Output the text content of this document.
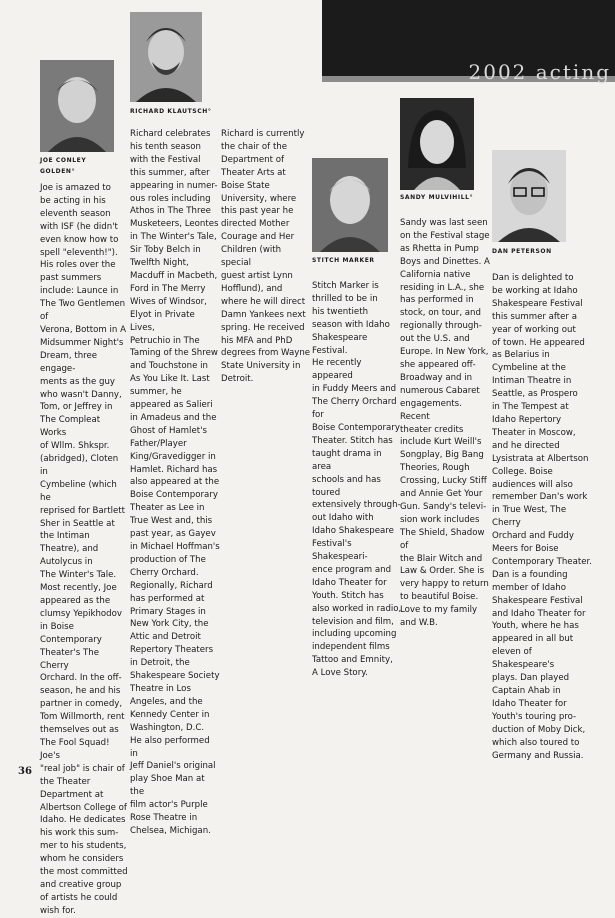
2002 acting
JOE CONLEY GOLDEN°

Joe is amazed to
be acting in his
eleventh season
with ISF (he didn't
even know how to
spell "eleventh!").
His roles over the
past summers
include: Launce in
The Two Gentlemen of
Verona, Bottom in A
Midsummer Night's
Dream, three engage-
ments as the guy
who wasn't Danny,
Tom, or Jeffrey in
The Compleat Works
of Wllm. Shkspr.
(abridged), Cloten in
Cymbeline (which he
reprised for Bartlett
Sher in Seattle at
the Intiman
Theatre), and
Autolycus in
The Winter's Tale.
Most recently, Joe
appeared as the
clumsy Yepikhodov
in Boise Contemporary
Theater's The Cherry
Orchard. In the off-
season, he and his
partner in comedy,
Tom Willmorth, rent
themselves out as
The Fool Squad! Joe's
"real job" is chair of
the Theater
Department at
Albertson College of
Idaho. He dedicates
his work this sum-
mer to his students,
whom he considers
the most committed
and creative group
of artists he could
wish for.

RICHARD KLAUTSCH°

Richard celebrates
his tenth season
with the Festival
this summer, after
appearing in numer-
ous roles including
Athos in The Three
Musketeers, Leontes
in The Winter's Tale,
Sir Toby Belch in
Twelfth Night,
Macduff in Macbeth,
Ford in The Merry
Wives of Windsor,
Elyot in Private Lives,
Petruchio in The
Taming of the Shrew
and Touchstone in
As You Like It. Last
summer, he
appeared as Salieri
in Amadeus and the
Ghost of Hamlet's
Father/Player
King/Gravedigger in
Hamlet. Richard has
also appeared at the
Boise Contemporary
Theater as Lee in
True West and, this
past year, as Gayev
in Michael Hoffman's
production of The
Cherry Orchard.
Regionally, Richard
has performed at
Primary Stages in
New York City, the
Attic and Detroit
Repertory Theaters
in Detroit, the
Shakespeare Society
Theatre in Los
Angeles, and the
Kennedy Center in
Washington, D.C.
He also performed in
Jeff Daniel's original
play Shoe Man at the
film actor's Purple
Rose Theatre in
Chelsea, Michigan.

Richard is currently
the chair of the
Department of
Theater Arts at
Boise State
University, where
this past year he
directed Mother
Courage and Her
Children (with special
guest artist Lynn
Hofflund), and
where he will direct
Damn Yankees next
spring. He received
his MFA and PhD
degrees from Wayne
State University in
Detroit.

STITCH MARKER

Stitch Marker is
thrilled to be in
his twentieth
season with Idaho
Shakespeare Festival.
He recently appeared
in Fuddy Meers and
The Cherry Orchard for
Boise Contemporary
Theater. Stitch has
taught drama in area
schools and has toured
extensively through-
out Idaho with
Idaho Shakespeare
Festival's Shakespeari-
ence program and
Idaho Theater for
Youth. Stitch has
also worked in radio,
television and film,
including upcoming
independent films
Tattoo and Emnity,
A Love Story.

SANDY MULVIHILL°

Sandy was last seen
on the Festival stage
as Rhetta in Pump
Boys and Dinettes. A
California native
residing in L.A., she
has performed in
stock, on tour, and
regionally through-
out the U.S. and
Europe. In New York,
she appeared off-
Broadway and in
numerous Cabaret
engagements. Recent
theater credits
include Kurt Weill's
Songplay, Big Bang
Theories, Rough
Crossing, Lucky Stiff
and Annie Get Your
Gun. Sandy's televi-
sion work includes
The Shield, Shadow of
the Blair Witch and
Law & Order. She is
very happy to return
to beautiful Boise.
Love to my family
and W.B.

DAN PETERSON

Dan is delighted to
be working at Idaho
Shakespeare Festival
this summer after a
year of working out
of town. He appeared
as Belarius in
Cymbeline at the
Intiman Theatre in
Seattle, as Prospero
in The Tempest at
Idaho Repertory
Theater in Moscow,
and he directed
Lysistrata at Albertson
College. Boise
audiences will also
remember Dan's work
in True West, The Cherry
Orchard and Fuddy
Meers for Boise
Contemporary Theater.
Dan is a founding
member of Idaho
Shakespeare Festival
and Idaho Theater for
Youth, where he has
appeared in all but
eleven of Shakespeare's
plays. Dan played
Captain Ahab in
Idaho Theater for
Youth's touring pro-
duction of Moby Dick,
which also toured to
Germany and Russia.

36
